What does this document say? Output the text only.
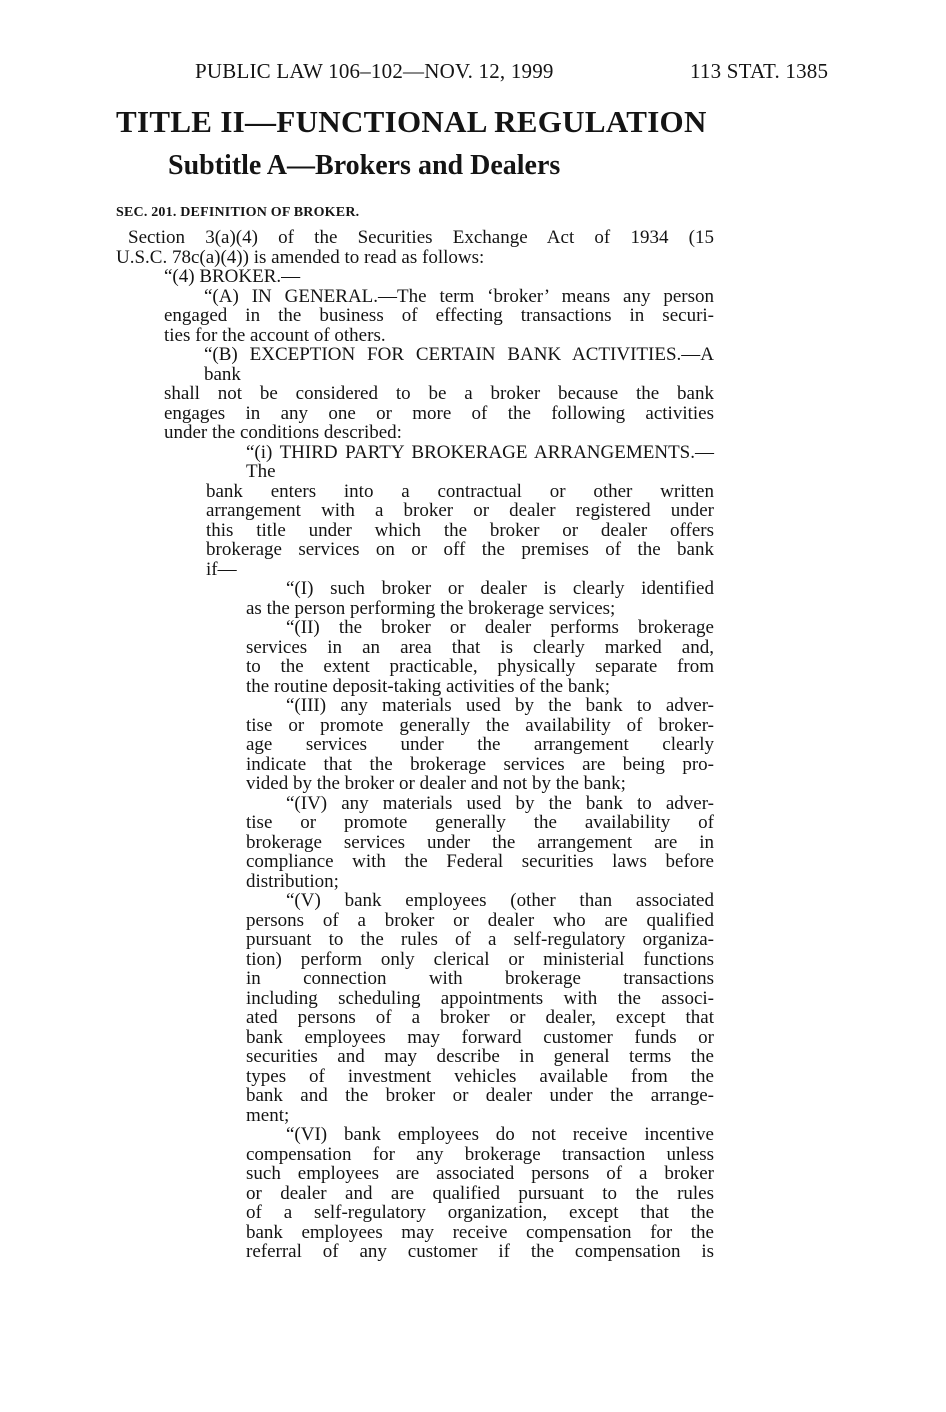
PUBLIC LAW 106–102—NOV. 12, 1999	113 STAT. 1385
TITLE II—FUNCTIONAL REGULATION
Subtitle A—Brokers and Dealers
SEC. 201. DEFINITION OF BROKER.
Section 3(a)(4) of the Securities Exchange Act of 1934 (15
U.S.C. 78c(a)(4)) is amended to read as follows:
“(4) BROKER.—
“(A) IN GENERAL.—The term ‘broker’ means any person
engaged in the business of effecting transactions in securi-
ties for the account of others.
“(B) EXCEPTION FOR CERTAIN BANK ACTIVITIES.—A bank
shall not be considered to be a broker because the bank
engages in any one or more of the following activities
under the conditions described:
“(i) THIRD PARTY BROKERAGE ARRANGEMENTS.—The
bank enters into a contractual or other written
arrangement with a broker or dealer registered under
this title under which the broker or dealer offers
brokerage services on or off the premises of the bank
if—
“(I) such broker or dealer is clearly identified
as the person performing the brokerage services;
“(II) the broker or dealer performs brokerage
services in an area that is clearly marked and,
to the extent practicable, physically separate from
the routine deposit-taking activities of the bank;
“(III) any materials used by the bank to adver-
tise or promote generally the availability of broker-
age services under the arrangement clearly
indicate that the brokerage services are being pro-
vided by the broker or dealer and not by the bank;
“(IV) any materials used by the bank to adver-
tise or promote generally the availability of
brokerage services under the arrangement are in
compliance with the Federal securities laws before
distribution;
“(V) bank employees (other than associated
persons of a broker or dealer who are qualified
pursuant to the rules of a self-regulatory organiza-
tion) perform only clerical or ministerial functions
in connection with brokerage transactions
including scheduling appointments with the associ-
ated persons of a broker or dealer, except that
bank employees may forward customer funds or
securities and may describe in general terms the
types of investment vehicles available from the
bank and the broker or dealer under the arrange-
ment;
“(VI) bank employees do not receive incentive
compensation for any brokerage transaction unless
such employees are associated persons of a broker
or dealer and are qualified pursuant to the rules
of a self-regulatory organization, except that the
bank employees may receive compensation for the
referral of any customer if the compensation is
